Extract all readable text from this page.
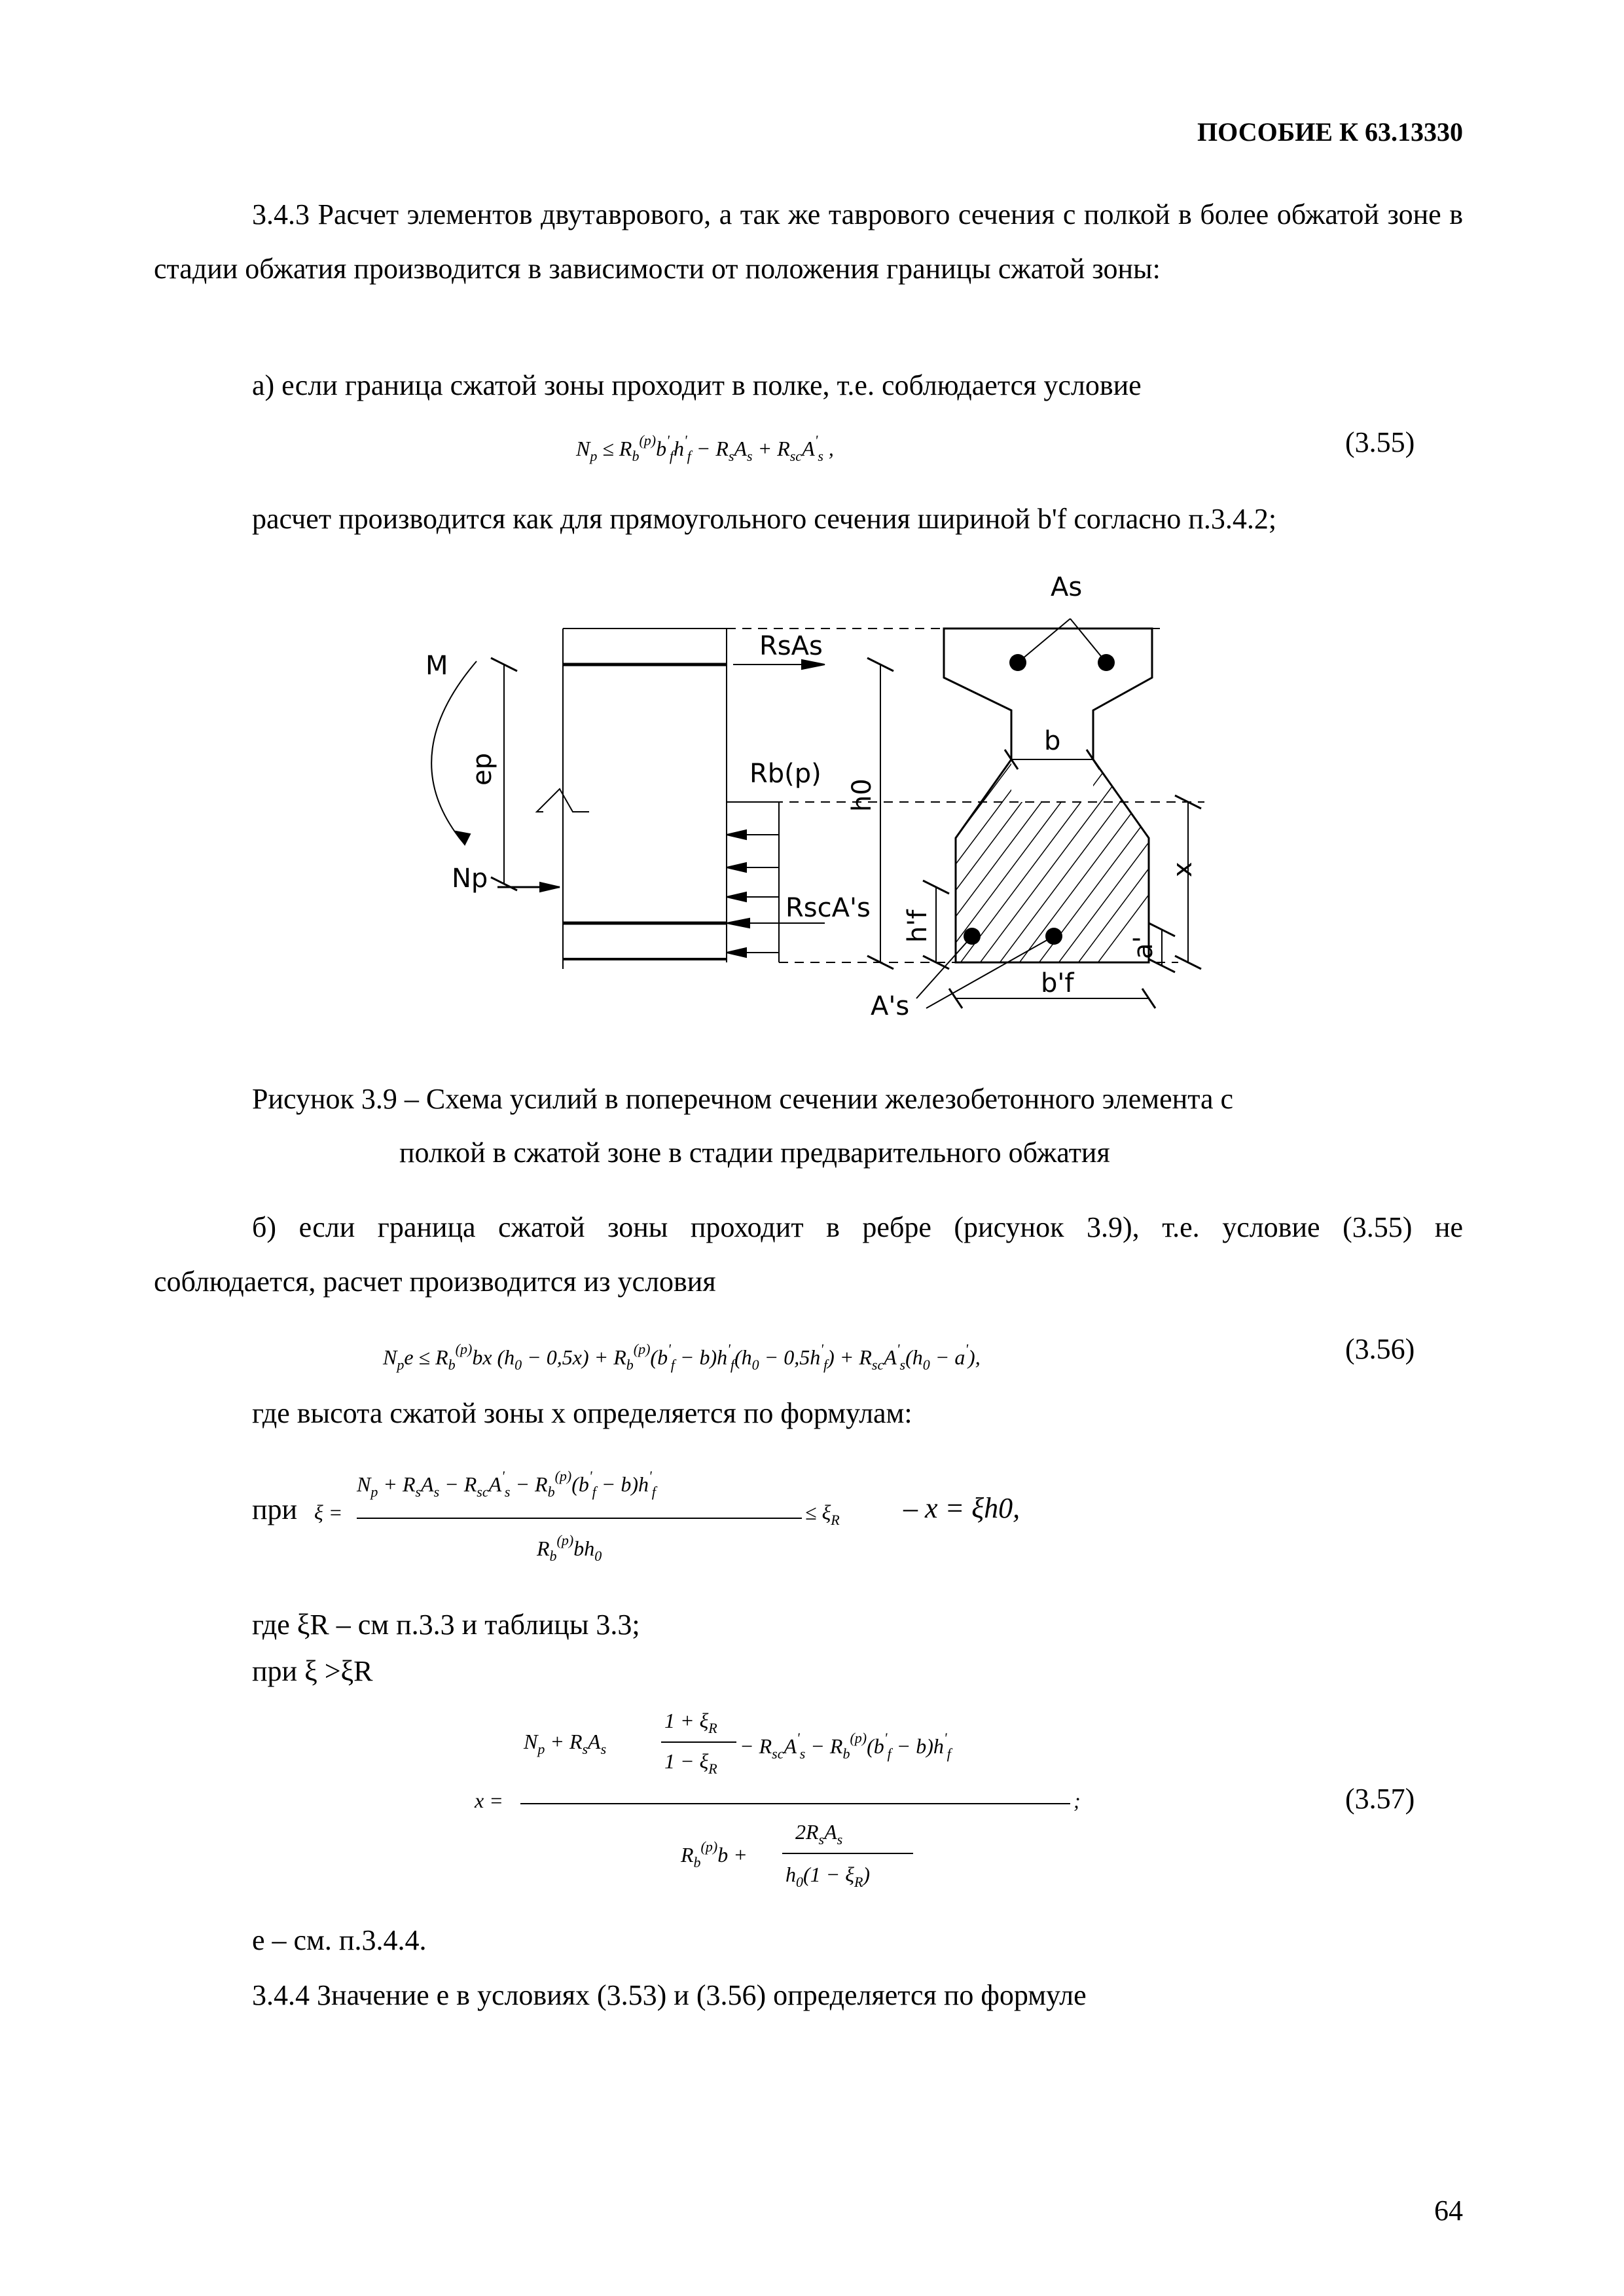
ПОСОБИЕ К 63.13330
3.4.3 Расчет элементов двутаврового, а так же таврового сечения с полкой в более обжатой зоне в стадии обжатия производится в зависимости от положения границы сжатой зоны:
а) если граница сжатой зоны проходит в полке, т.е. соблюдается условие
$N_p \le R_b^{(p)}b'_fh'_f - R_sA_s + R_{sc}A'_s$ ,	(3.55)
расчет производится как для прямоугольного сечения шириной b'f согласно п.3.4.2;
M
ep
Np
RsAs
Rb(p)
RscA's
As
b
h0
x
h'f
a'
b'f
A's
Рисунок 3.9 – Схема усилий в поперечном сечении железобетонного элемента с
полкой в сжатой зоне в стадии предварительного обжатия
б) если граница сжатой зоны проходит в ребре (рисунок 3.9), т.е. условие (3.55) не
соблюдается, расчет производится из условия
$N_pe \le R_b^{(p)}bx$ $(h_0 - 0,5x) + R_b^{(p)}(b'_f - b)h'_f(h_0 - 0,5h'_f) + R_{sc}A'_s(h_0 - a')$,	(3.56)
где высота сжатой зоны x определяется по формулам:
при ξ =
$N_p + R_sA_s - R_{sc}A'_s - R_b^{(p)}(b'_f - b)h'_f$
$R_b^{(p)}bh_0$
≤ $\xi_R - x = \xi h0$,
где ξR – см п.3.3 и таблицы 3.3;
при ξ >ξR
x =
$N_p + R_sA_s$
$1 + \xi_R$
$1 - \xi_R$
− $R_{sc}A'_s - R_b^{(p)}(b'_f - b)h'_f$
;
$R_b^{(p)}b$ +
$2R_sA_s$
$h_0(1 - \xi_R)$
(3.57)
e – см. п.3.4.4.
3.4.4 Значение e в условиях (3.53) и (3.56) определяется по формуле
64
